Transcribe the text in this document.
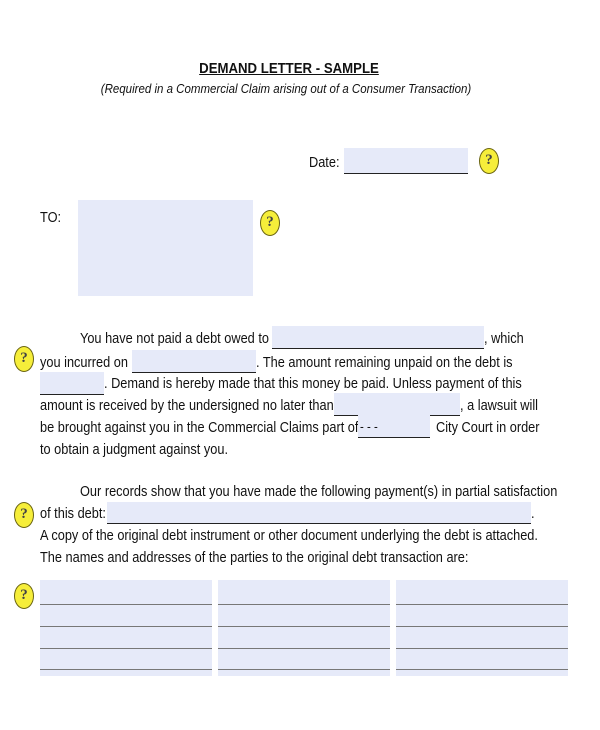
DEMAND LETTER - SAMPLE
(Required in a Commercial Claim arising out of a Consumer Transaction)
Date:	?
TO:	?
?
You have not paid a debt owed to	, which
you incurred on	. The amount remaining unpaid on the debt is
. Demand is hereby made that this money be paid. Unless payment of this
amount is received by the undersigned no later than	, a lawsuit will
be brought against you in the Commercial Claims part of - - -	City Court in order
to obtain a judgment against you.
Our records show that you have made the following payment(s) in partial satisfaction
? of this debt:	.
A copy of the original debt instrument or other document underlying the debt is attached.
The names and addresses of the parties to the original debt transaction are:
?
